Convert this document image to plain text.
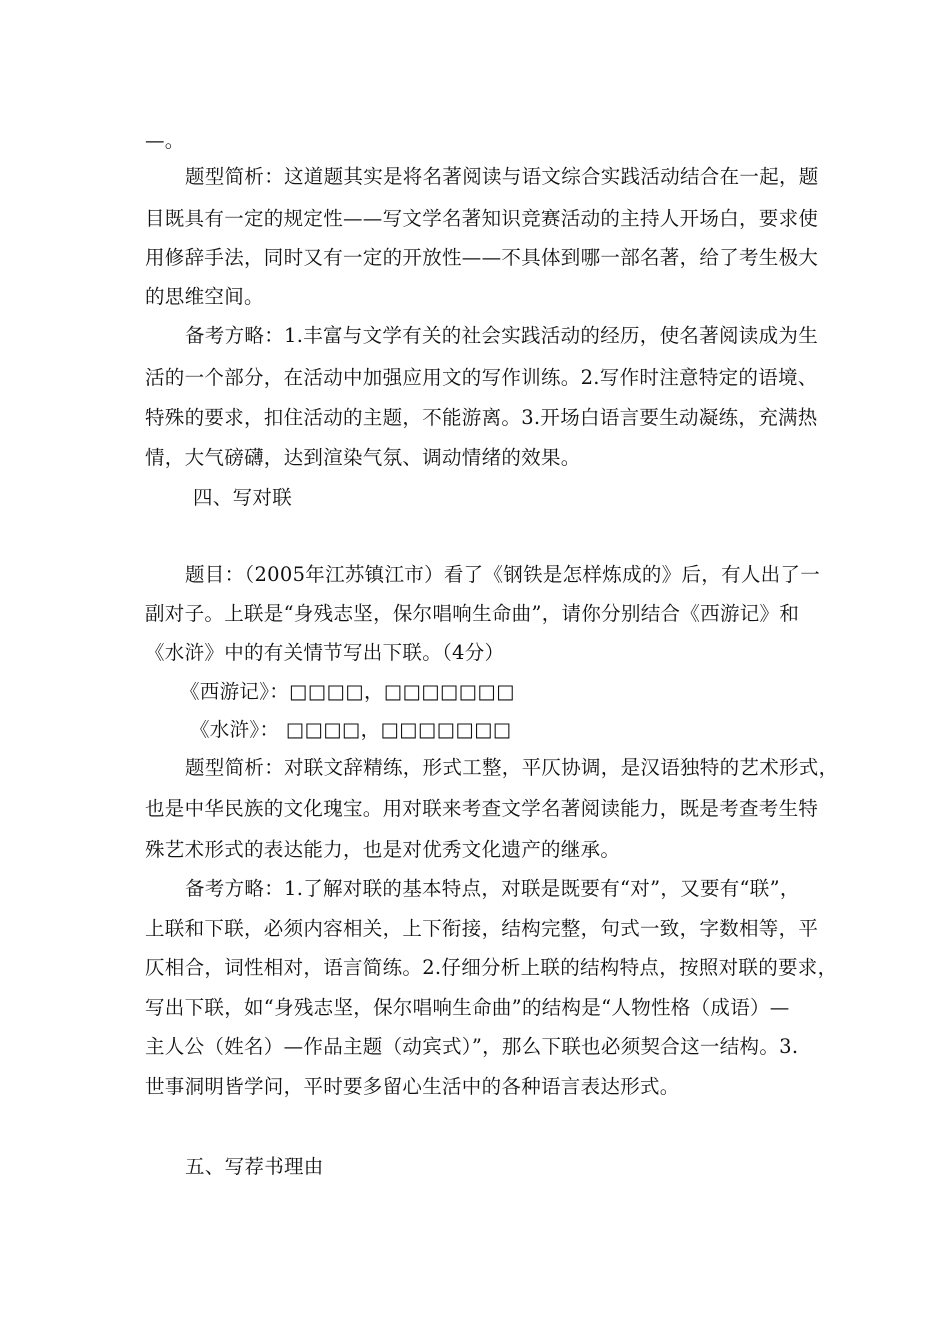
—。
题型简析：这道题其实是将名著阅读与语文综合实践活动结合在一起，题
目既具有一定的规定性——写文学名著知识竞赛活动的主持人开场白，要求使
用修辞手法，同时又有一定的开放性——不具体到哪一部名著，给了考生极大
的思维空间。
备考方略：1.丰富与文学有关的社会实践活动的经历，使名著阅读成为生
活的一个部分，在活动中加强应用文的写作训练。2.写作时注意特定的语境、
特殊的要求，扣住活动的主题，不能游离。3.开场白语言要生动凝练，充满热
情，大气磅礴，达到渲染气氛、调动情绪的效果。
四、写对联
题目：（2005年江苏镇江市）看了《钢铁是怎样炼成的》后，有人出了一
副对子。上联是“身残志坚，保尔唱响生命曲”，请你分别结合《西游记》和
《水浒》中的有关情节写出下联。（4分）
《西游记》：□□□□，□□□□□□□
《水浒》： □□□□，□□□□□□□
题型简析：对联文辞精练，形式工整，平仄协调，是汉语独特的艺术形式，
也是中华民族的文化瑰宝。用对联来考查文学名著阅读能力，既是考查考生特
殊艺术形式的表达能力，也是对优秀文化遗产的继承。
备考方略：1.了解对联的基本特点，对联是既要有“对”，又要有“联”，
上联和下联，必须内容相关，上下衔接，结构完整，句式一致，字数相等，平
仄相合，词性相对，语言简练。2.仔细分析上联的结构特点，按照对联的要求，
写出下联，如“身残志坚，保尔唱响生命曲”的结构是“人物性格（成语）—
主人公（姓名）—作品主题（动宾式）”，那么下联也必须契合这一结构。3.
世事洞明皆学问，平时要多留心生活中的各种语言表达形式。
五、写荐书理由
